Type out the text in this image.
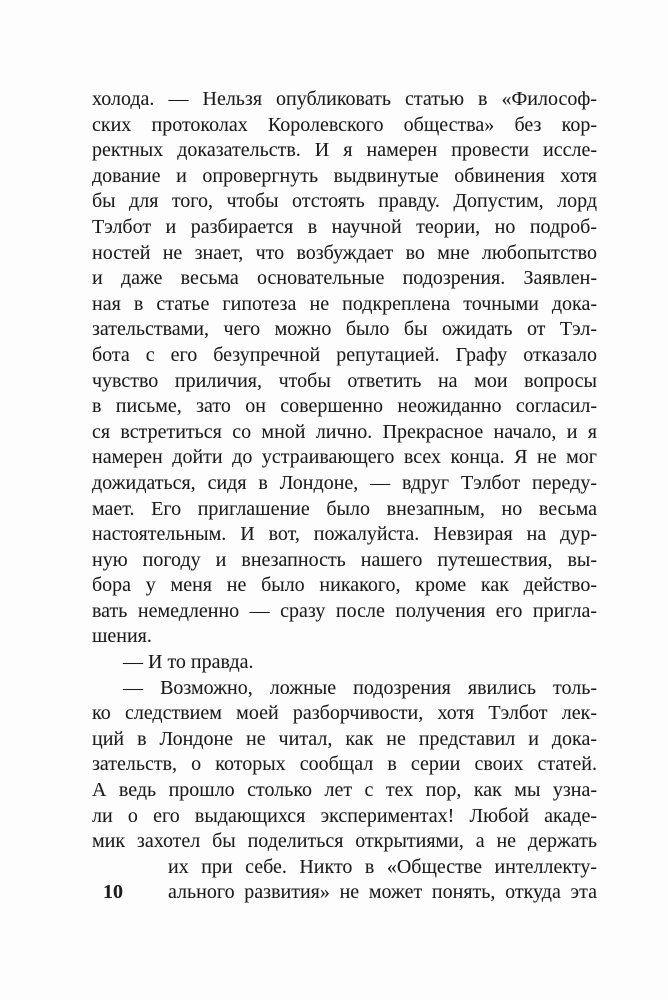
холода. — Нельзя опубликовать статью в «Философ-
ских протоколах Королевского общества» без кор-
ректных доказательств. И я намерен провести иссле-
дование и опровергнуть выдвинутые обвинения хотя
бы для того, чтобы отстоять правду. Допустим, лорд
Тэлбот и разбирается в научной теории, но подроб-
ностей не знает, что возбуждает во мне любопытство
и даже весьма основательные подозрения. Заявлен-
ная в статье гипотеза не подкреплена точными дока-
зательствами, чего можно было бы ожидать от Тэл-
бота с его безупречной репутацией. Графу отказало
чувство приличия, чтобы ответить на мои вопросы
в письме, зато он совершенно неожиданно согласил-
ся встретиться со мной лично. Прекрасное начало, и я
намерен дойти до устраивающего всех конца. Я не мог
дожидаться, сидя в Лондоне, — вдруг Тэлбот переду-
мает. Его приглашение было внезапным, но весьма
настоятельным. И вот, пожалуйста. Невзирая на дур-
ную погоду и внезапность нашего путешествия, вы-
бора у меня не было никакого, кроме как действо-
вать немедленно — сразу после получения его пригла-
шения.
— И то правда.
— Возможно, ложные подозрения явились толь-
ко следствием моей разборчивости, хотя Тэлбот лек-
ций в Лондоне не читал, как не представил и дока-
зательств, о которых сообщал в серии своих статей.
А ведь прошло столько лет с тех пор, как мы узна-
ли о его выдающихся экспериментах! Любой акаде-
мик захотел бы поделиться открытиями, а не держать
их при себе. Никто в «Обществе интеллекту-
ального развития» не может понять, откуда эта
10
